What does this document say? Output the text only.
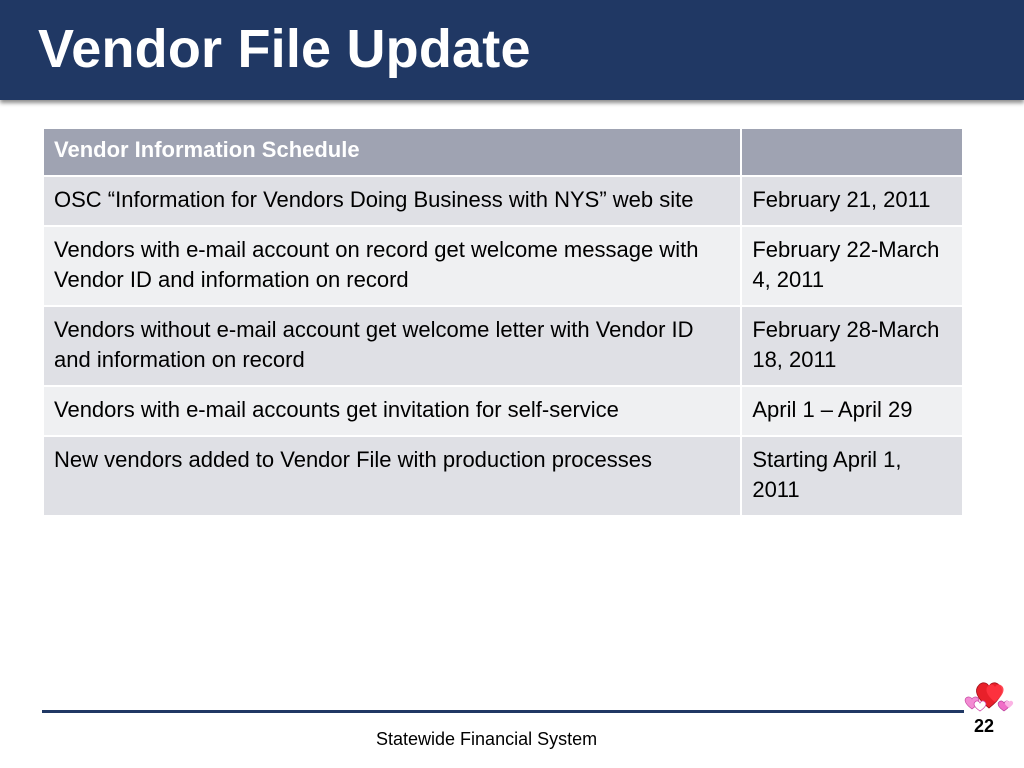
Vendor File Update
Vendor Information Schedule	
OSC “Information for Vendors Doing Business with NYS” web site	February 21, 2011
Vendors with e-mail account on record get welcome message with Vendor ID and information on record	February 22-March 4, 2011
Vendors without e-mail account get welcome letter with Vendor ID and information on record	February 28-March 18, 2011
Vendors with e-mail accounts get invitation for self-service	April 1 – April 29
New vendors added to Vendor File with production processes	Starting April 1, 2011
22
Statewide Financial System
